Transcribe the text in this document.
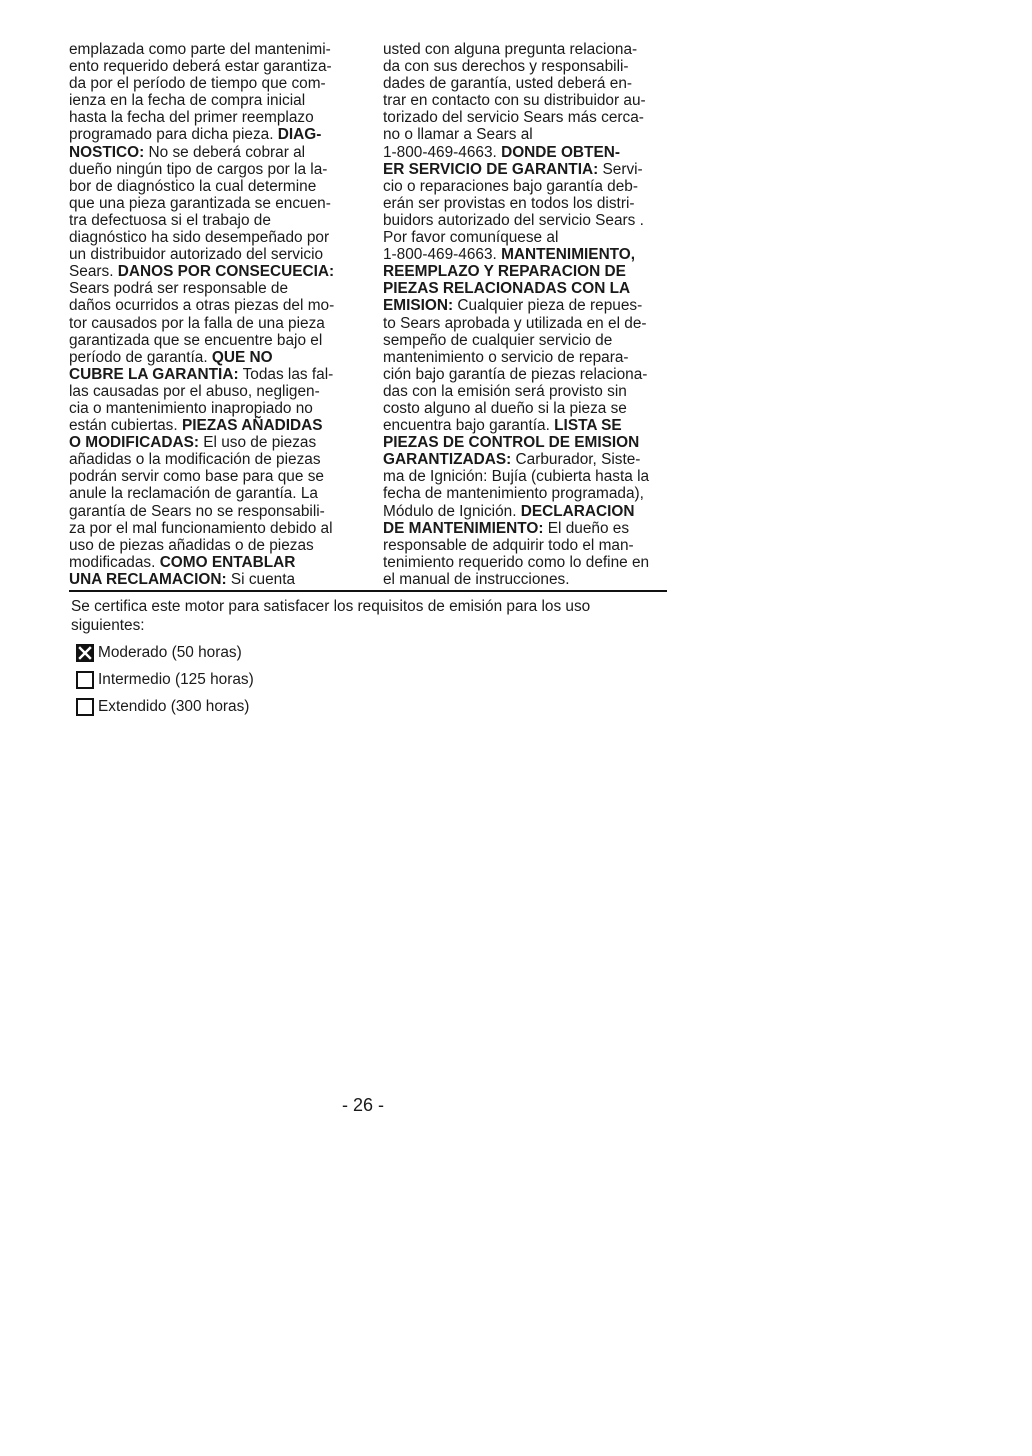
emplazada como parte del mantenimi-
ento requerido deberá estar garantiza-
da por el período de tiempo que com-
ienza en la fecha de compra inicial
hasta la fecha del primer reemplazo
programado para dicha pieza. DIAG-
NOSTICO: No se deberá cobrar al
dueño ningún tipo de cargos por la la-
bor de diagnóstico la cual determine
que una pieza garantizada se encuen-
tra defectuosa si el trabajo de
diagnóstico ha sido desempeñado por
un distribuidor autorizado del servicio
Sears. DANOS POR CONSECUECIA:
Sears podrá ser responsable de
daños ocurridos a otras piezas del mo-
tor causados por la falla de una pieza
garantizada que se encuentre bajo el
período de garantía. QUE NO
CUBRE LA GARANTIA: Todas las fal-
las causadas por el abuso, negligen-
cia o mantenimiento inapropiado no
están cubiertas. PIEZAS AÑADIDAS
O MODIFICADAS: El uso de piezas
añadidas o la modificación de piezas
podrán servir como base para que se
anule la reclamación de garantía. La
garantía de Sears no se responsabili-
za por el mal funcionamiento debido al
uso de piezas añadidas o de piezas
modificadas. COMO ENTABLAR
UNA RECLAMACION: Si cuenta
usted con alguna pregunta relaciona-
da con sus derechos y responsabili-
dades de garantía, usted deberá en-
trar en contacto con su distribuidor au-
torizado del servicio Sears más cerca-
no o llamar a Sears al
1-800-469-4663. DONDE OBTEN-
ER SERVICIO DE GARANTIA: Servi-
cio o reparaciones bajo garantía deb-
erán ser provistas en todos los distri-
buidors autorizado del servicio Sears .
Por favor comuníquese al
1-800-469-4663. MANTENIMIENTO,
REEMPLAZO Y REPARACION DE
PIEZAS RELACIONADAS CON LA
EMISION: Cualquier pieza de repues-
to Sears aprobada y utilizada en el de-
sempeño de cualquier servicio de
mantenimiento o servicio de repara-
ción bajo garantía de piezas relaciona-
das con la emisión será provisto sin
costo alguno al dueño si la pieza se
encuentra bajo garantía. LISTA SE
PIEZAS DE CONTROL DE EMISION
GARANTIZADAS: Carburador, Siste-
ma de Ignición: Bujía (cubierta hasta la
fecha de mantenimiento programada),
Módulo de Ignición. DECLARACION
DE MANTENIMIENTO: El dueño es
responsable de adquirir todo el man-
tenimiento requerido como lo define en
el manual de instrucciones.
Se certifica este motor para satisfacer los requisitos de emisión para los uso
siguientes:
Moderado (50 horas)
Intermedio (125 horas)
Extendido (300 horas)
- 26 -
